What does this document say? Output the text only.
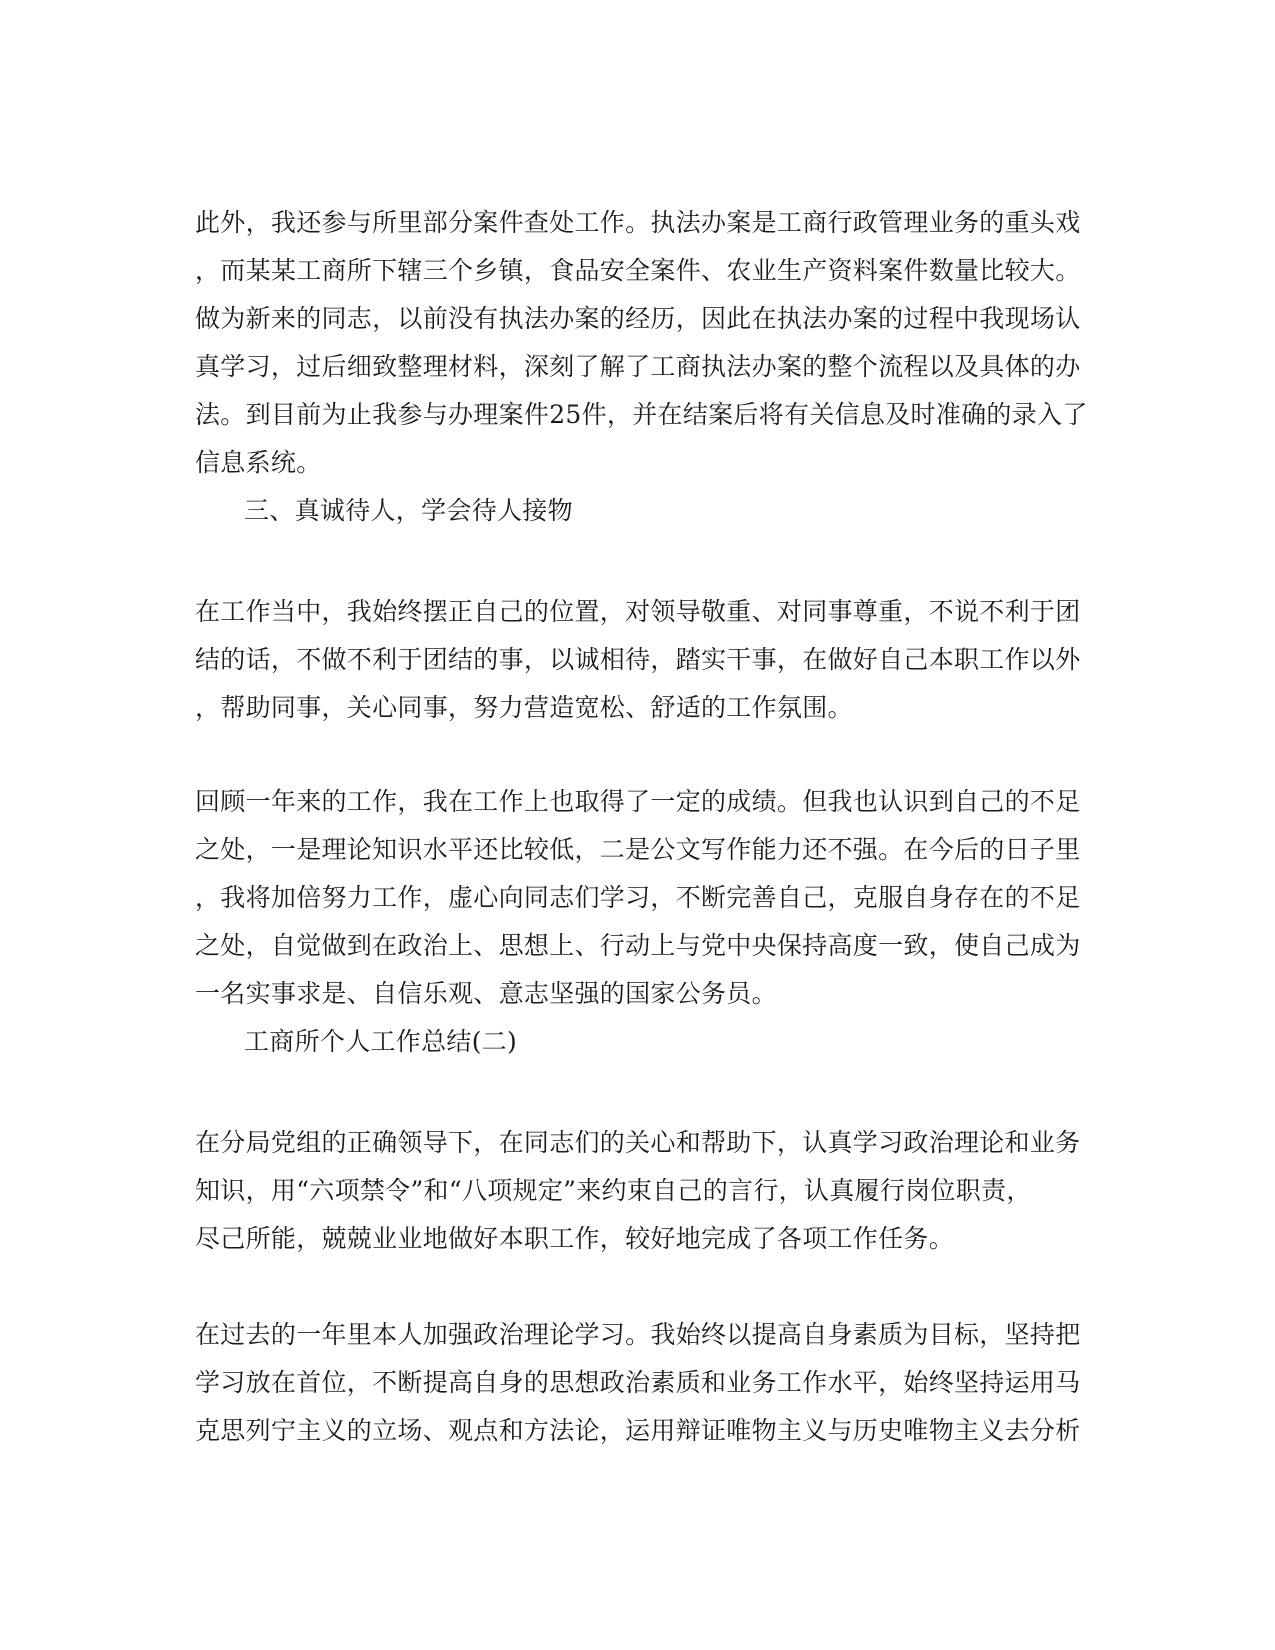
此外，我还参与所里部分案件查处工作。执法办案是工商行政管理业务的重头戏
，而某某工商所下辖三个乡镇，食品安全案件、农业生产资料案件数量比较大。
做为新来的同志，以前没有执法办案的经历，因此在执法办案的过程中我现场认
真学习，过后细致整理材料，深刻了解了工商执法办案的整个流程以及具体的办
法。到目前为止我参与办理案件25件，并在结案后将有关信息及时准确的录入了
信息系统。
三、真诚待人，学会待人接物
在工作当中，我始终摆正自己的位置，对领导敬重、对同事尊重，不说不利于团
结的话，不做不利于团结的事，以诚相待，踏实干事，在做好自己本职工作以外
，帮助同事，关心同事，努力营造宽松、舒适的工作氛围。
回顾一年来的工作，我在工作上也取得了一定的成绩。但我也认识到自己的不足
之处，一是理论知识水平还比较低，二是公文写作能力还不强。在今后的日子里
，我将加倍努力工作，虚心向同志们学习，不断完善自己，克服自身存在的不足
之处，自觉做到在政治上、思想上、行动上与党中央保持高度一致，使自己成为
一名实事求是、自信乐观、意志坚强的国家公务员。
工商所个人工作总结(二)
在分局党组的正确领导下，在同志们的关心和帮助下，认真学习政治理论和业务
知识，用“六项禁令”和“八项规定”来约束自己的言行，认真履行岗位职责，
尽己所能，兢兢业业地做好本职工作，较好地完成了各项工作任务。
在过去的一年里本人加强政治理论学习。我始终以提高自身素质为目标，坚持把
学习放在首位，不断提高自身的思想政治素质和业务工作水平，始终坚持运用马
克思列宁主义的立场、观点和方法论，运用辩证唯物主义与历史唯物主义去分析
